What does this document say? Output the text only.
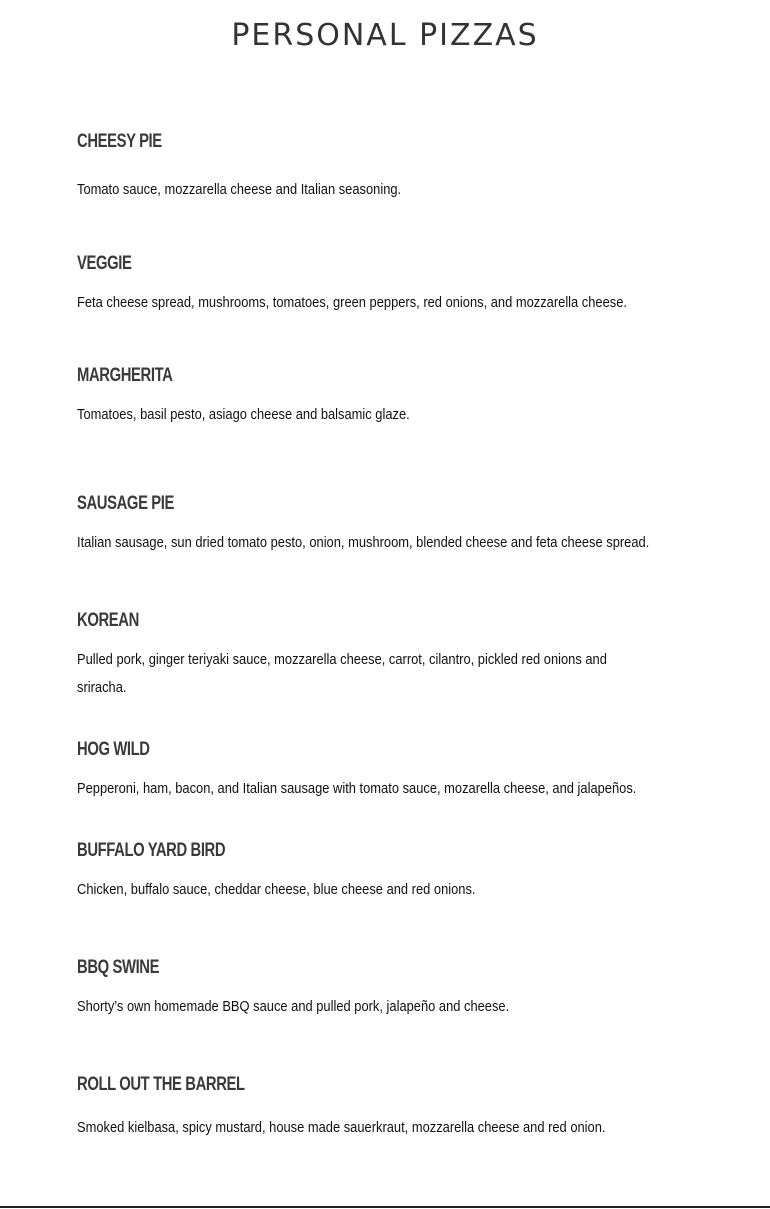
PERSONAL PIZZAS

CHEESY PIE

Tomato sauce, mozzarella cheese and Italian seasoning.

VEGGIE

Feta cheese spread, mushrooms, tomatoes, green peppers, red onions, and mozzarella cheese.

MARGHERITA

Tomatoes, basil pesto, asiago cheese and balsamic glaze.

SAUSAGE PIE

Italian sausage, sun dried tomato pesto, onion, mushroom, blended cheese and feta cheese spread.

KOREAN

Pulled pork, ginger teriyaki sauce, mozzarella cheese, carrot, cilantro, pickled red onions and sriracha.

HOG WILD

Pepperoni, ham, bacon, and Italian sausage with tomato sauce, mozarella cheese, and jalapeños.

BUFFALO YARD BIRD

Chicken, buffalo sauce, cheddar cheese, blue cheese and red onions.

BBQ SWINE

Shorty’s own homemade BBQ sauce and pulled pork, jalapeño and cheese.

ROLL OUT THE BARREL

Smoked kielbasa, spicy mustard, house made sauerkraut, mozzarella cheese and red onion.
